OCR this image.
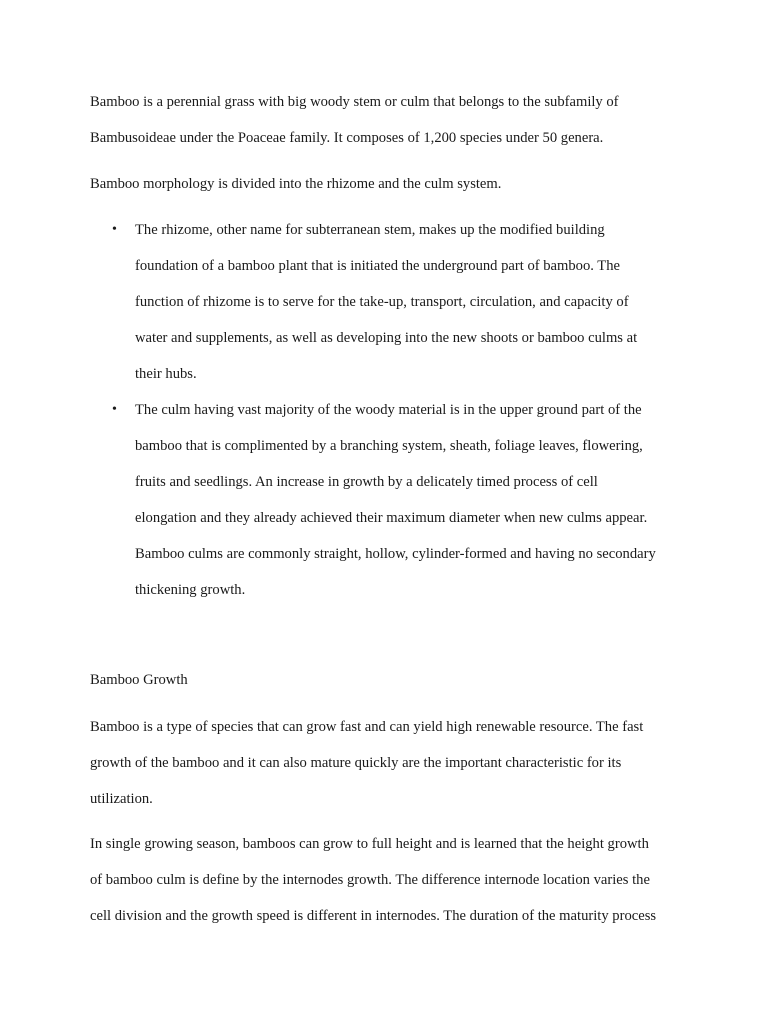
Bamboo is a perennial grass with big woody stem or culm that belongs to the subfamily of
Bambusoideae under the Poaceae family. It composes of 1,200 species under 50 genera.

Bamboo morphology is divided into the rhizome and the culm system.

• The rhizome, other name for subterranean stem, makes up the modified building
foundation of a bamboo plant that is initiated the underground part of bamboo. The
function of rhizome is to serve for the take-up, transport, circulation, and capacity of
water and supplements, as well as developing into the new shoots or bamboo culms at
their hubs.
• The culm having vast majority of the woody material is in the upper ground part of the
bamboo that is complimented by a branching system, sheath, foliage leaves, flowering,
fruits and seedlings. An increase in growth by a delicately timed process of cell
elongation and they already achieved their maximum diameter when new culms appear.
Bamboo culms are commonly straight, hollow, cylinder-formed and having no secondary
thickening growth.

Bamboo Growth

Bamboo is a type of species that can grow fast and can yield high renewable resource. The fast
growth of the bamboo and it can also mature quickly are the important characteristic for its
utilization.

In single growing season, bamboos can grow to full height and is learned that the height growth
of bamboo culm is define by the internodes growth. The difference internode location varies the
cell division and the growth speed is different in internodes. The duration of the maturity process
